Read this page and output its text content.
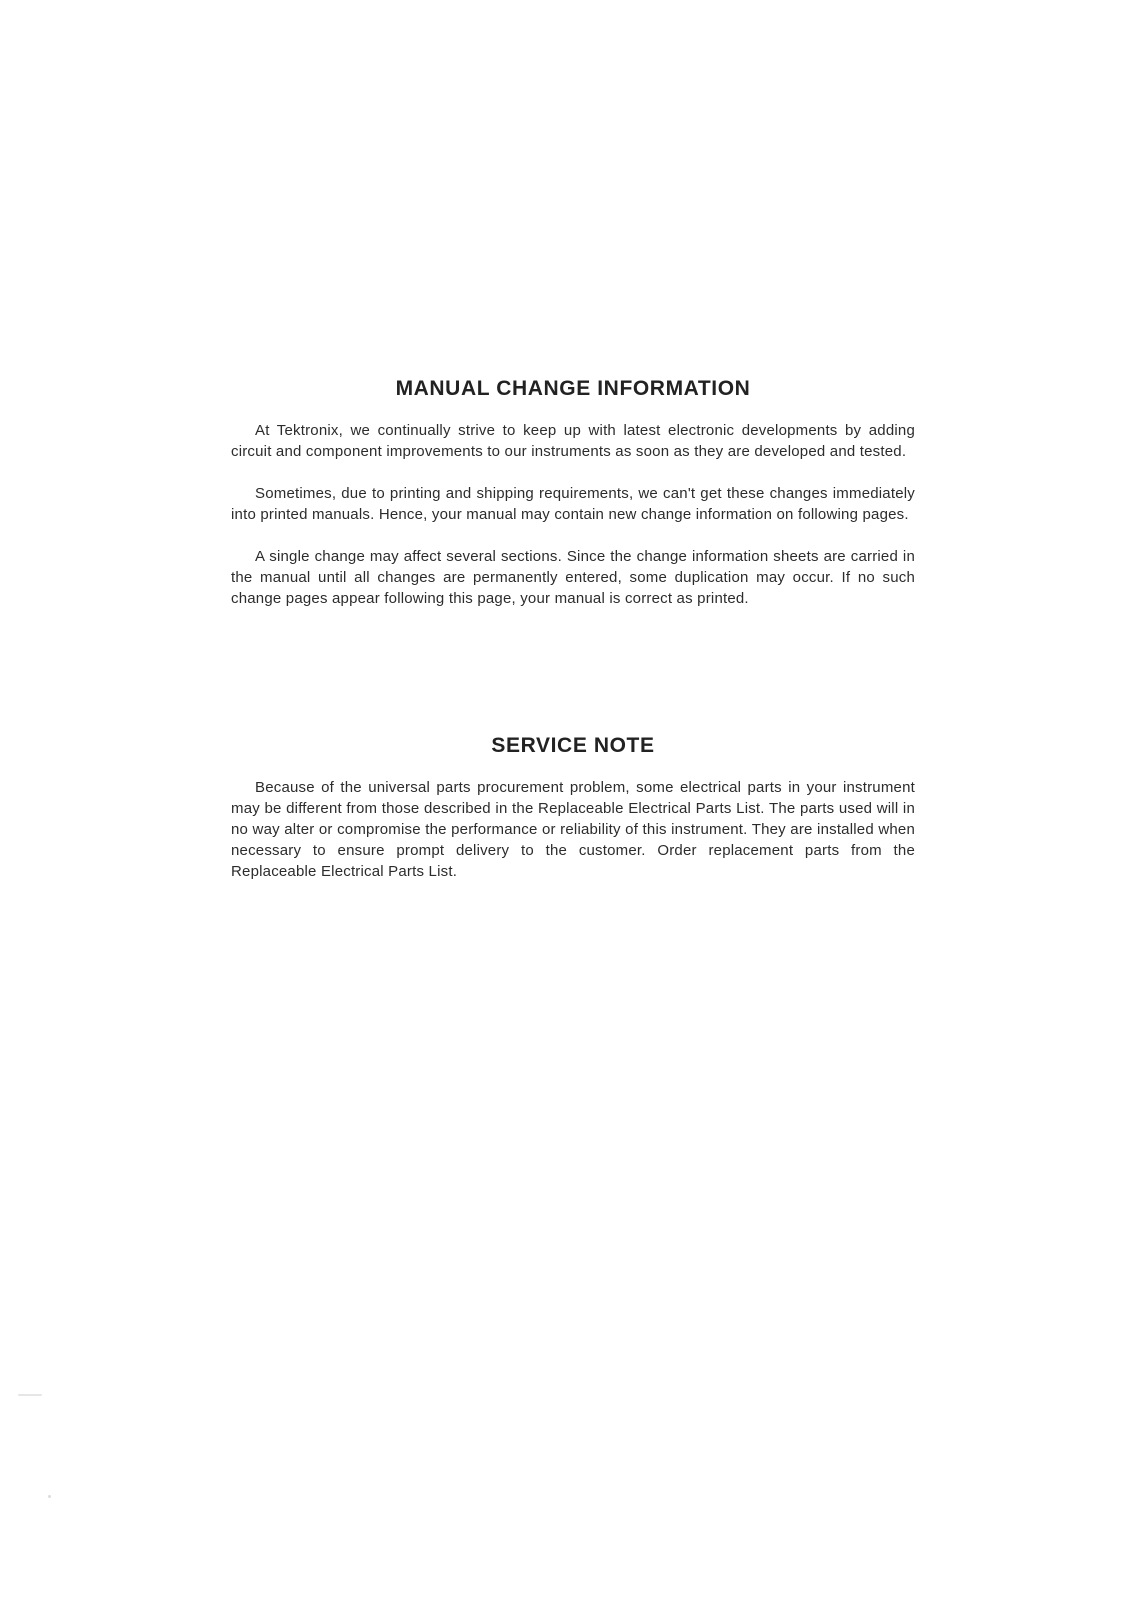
MANUAL CHANGE INFORMATION

At Tektronix, we continually strive to keep up with latest electronic developments by adding circuit and component improvements to our instruments as soon as they are developed and tested.

Sometimes, due to printing and shipping requirements, we can't get these changes immediately into printed manuals. Hence, your manual may contain new change information on following pages.

A single change may affect several sections. Since the change information sheets are carried in the manual until all changes are permanently entered, some duplication may occur. If no such change pages appear following this page, your manual is correct as printed.

SERVICE NOTE

Because of the universal parts procurement problem, some electrical parts in your instrument may be different from those described in the Replaceable Electrical Parts List. The parts used will in no way alter or compromise the performance or reliability of this instrument. They are installed when necessary to ensure prompt delivery to the customer. Order replacement parts from the Replaceable Electrical Parts List.
